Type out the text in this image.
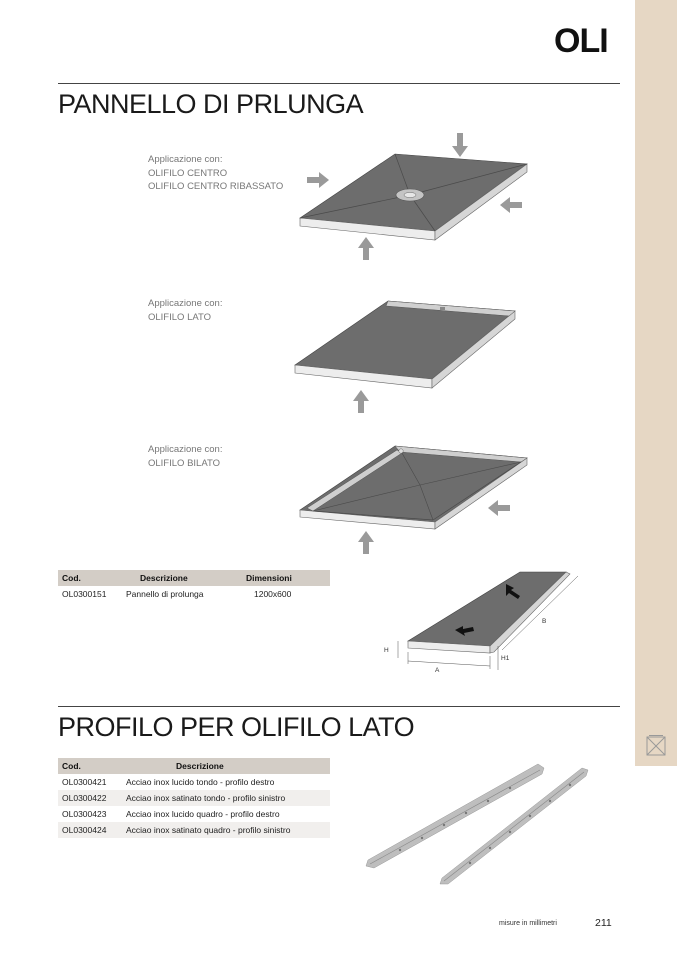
OLI
PANNELLO DI PRLUNGA
Applicazione con:
OLIFILO CENTRO
OLIFILO CENTRO RIBASSATO
Applicazione con:
OLIFILO LATO
Applicazione con:
OLIFILO BILATO
Cod.	Descrizione	Dimensioni
OL0300151	Pannello di prolunga	1200x600
A
B
H
H1
PROFILO PER OLIFILO LATO
Cod.	Descrizione
OL0300421	Acciao inox lucido tondo - profilo destro
OL0300422	Acciao inox satinato tondo - profilo sinistro
OL0300423	Acciao inox lucido quadro - profilo destro
OL0300424	Acciao inox satinato quadro - profilo sinistro
misure in millimetri	211
